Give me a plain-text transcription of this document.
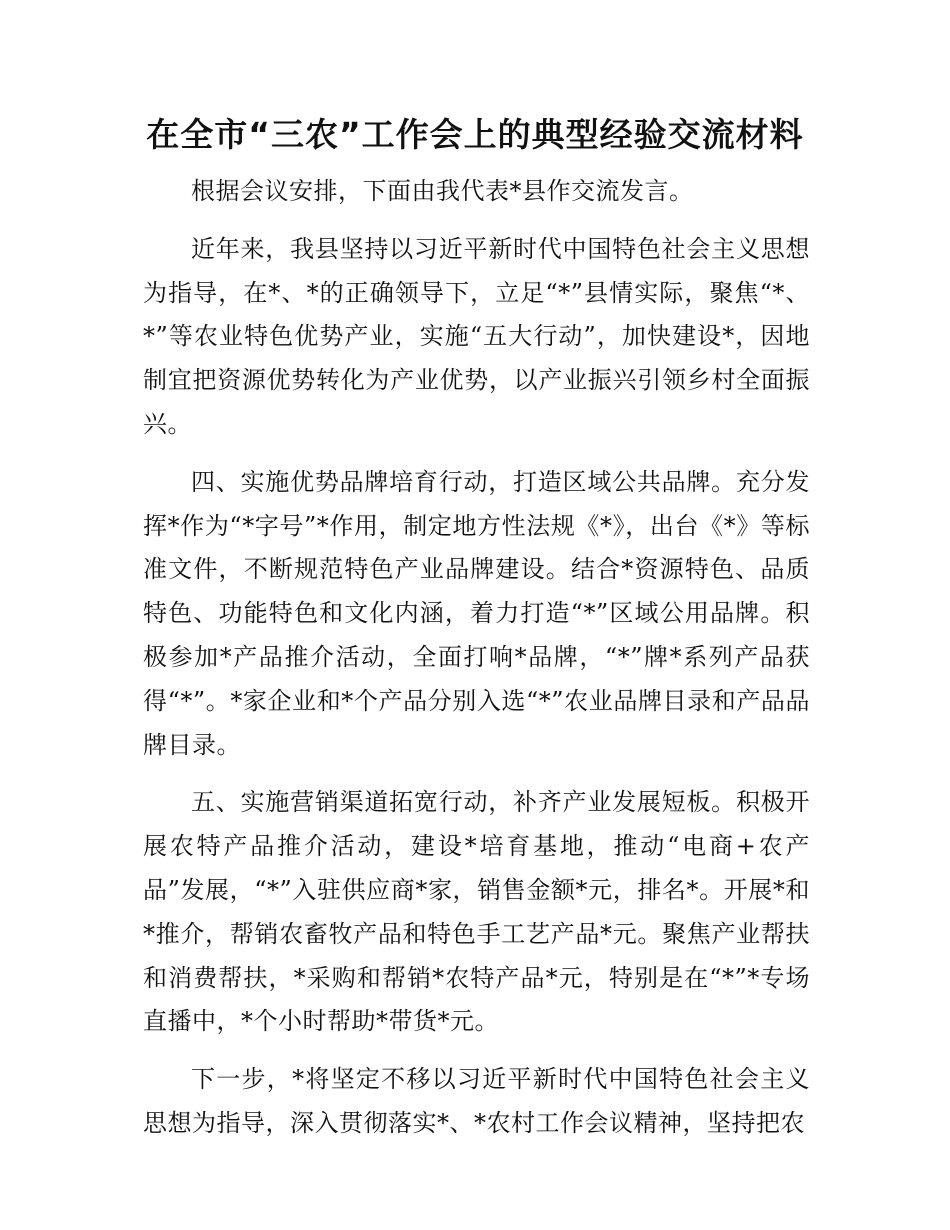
在全市“三农”工作会上的典型经验交流材料

根据会议安排，下面由我代表*县作交流发言。

近年来，我县坚持以习近平新时代中国特色社会主义思想为指导，在*、*的正确领导下，立足“*”县情实际，聚焦“*、*”等农业特色优势产业，实施“五大行动”，加快建设*，因地制宜把资源优势转化为产业优势，以产业振兴引领乡村全面振兴。

四、实施优势品牌培育行动，打造区域公共品牌。充分发挥*作为“*字号”*作用，制定地方性法规《*》，出台《*》等标准文件，不断规范特色产业品牌建设。结合*资源特色、品质特色、功能特色和文化内涵，着力打造“*”区域公用品牌。积极参加*产品推介活动，全面打响*品牌，“*”牌*系列产品获得“*”。*家企业和*个产品分别入选“*”农业品牌目录和产品品牌目录。

五、实施营销渠道拓宽行动，补齐产业发展短板。积极开展农特产品推介活动，建设*培育基地，推动“电商+农产品”发展，“*”入驻供应商*家，销售金额*元，排名*。开展*和*推介，帮销农畜牧产品和特色手工艺产品*元。聚焦产业帮扶和消费帮扶，*采购和帮销*农特产品*元，特别是在“*”*专场直播中，*个小时帮助*带货*元。

下一步，*将坚定不移以习近平新时代中国特色社会主义思想为指导，深入贯彻落实*、*农村工作会议精神，坚持把农
